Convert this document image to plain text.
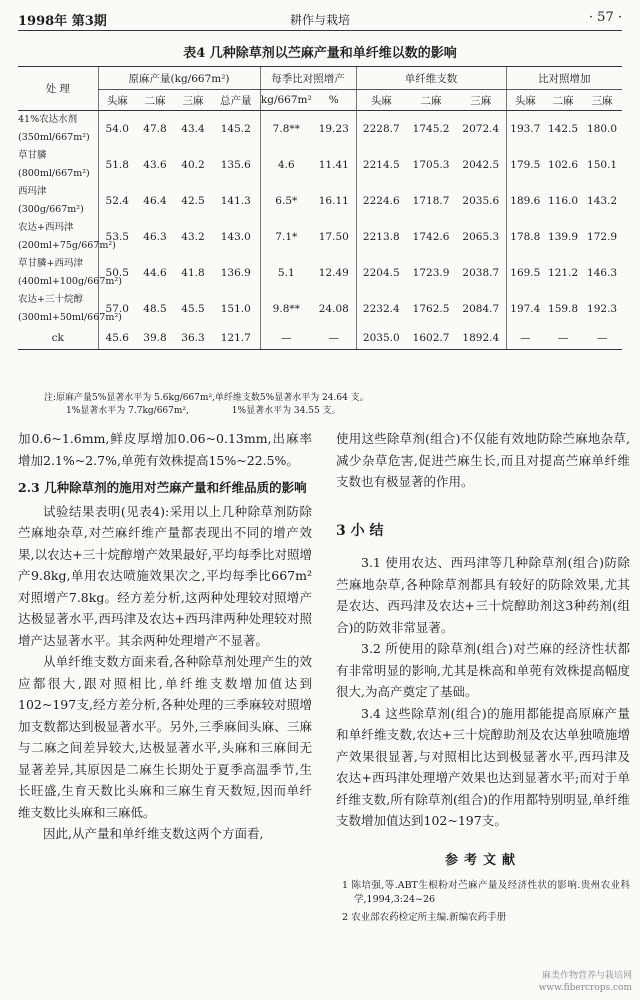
1998年 第3期	耕作与栽培	· 57 ·
表4 几种除草剂以苎麻产量和单纤维以数的影响
处 理	原麻产量(kg/667m²)				每季比对照增产		单纤维支数			比对照增加		
	头麻	二麻	三麻	总产量	kg/667m²	%	头麻	二麻	三麻	头麻	二麻	三麻
41%农达水剂	54.0	47.8	43.4	145.2	7.8**	19.23	2228.7	1745.2	2072.4	193.7	142.5	180.0
(350ml/667m²)												
草甘膦	51.8	43.6	40.2	135.6	4.6	11.41	2214.5	1705.3	2042.5	179.5	102.6	150.1
(800ml/667m²)												
西玛津	52.4	46.4	42.5	141.3	6.5*	16.11	2224.6	1718.7	2035.6	189.6	116.0	143.2
(300g/667m²)												
农达+西玛津	53.5	46.3	43.2	143.0	7.1*	17.50	2213.8	1742.6	2065.3	178.8	139.9	172.9
(200ml+75g/667m²)												
草甘膦+西玛津	50.5	44.6	41.8	136.9	5.1	12.49	2204.5	1723.9	2038.7	169.5	121.2	146.3
(400ml+100g/667m²)												
农达+三十烷醇	57.0	48.5	45.5	151.0	9.8**	24.08	2232.4	1762.5	2084.7	197.4	159.8	192.3
(300ml+50ml/667m²)												
ck	45.6	39.8	36.3	121.7	—	—	2035.0	1602.7	1892.4	—	—	—
注:原麻产量5%显著水平为 5.6kg/667m²,单纤维支数5%显著水平为 24.64 支。
1%显著水平为 7.7kg/667m²,               1%显著水平为 34.55 支。

加0.6~1.6mm,鲜皮厚增加0.06~0.13mm,出麻率增加2.1%~2.7%,单蔸有效株提高15%~22.5%。

2.3 几种除草剂的施用对苎麻产量和纤维品质的影响

试验结果表明(见表4):采用以上几种除草剂防除苎麻地杂草,对苎麻纤维产量都表现出不同的增产效果,以农达+三十烷醇增产效果最好,平均每季比对照增产9.8kg,单用农达喷施效果次之,平均每季比667m²对照增产7.8kg。经方差分析,这两种处理较对照增产达极显著水平,西玛津及农达+西玛津两种处理较对照增产达显著水平。其余两种处理增产不显著。

从单纤维支数方面来看,各种除草剂处理产生的效应都很大,跟对照相比,单纤维支数增加值达到102~197支,经方差分析,各种处理的三季麻较对照增加支数都达到极显著水平。另外,三季麻间头麻、三麻与二麻之间差异较大,达极显著水平,头麻和三麻间无显著差异,其原因是二麻生长期处于夏季高温季节,生长旺盛,生育天数比头麻和三麻生育天数短,因而单纤维支数比头麻和三麻低。

因此,从产量和单纤维支数这两个方面看,

使用这些除草剂(组合)不仅能有效地防除苎麻地杂草,减少杂草危害,促进苎麻生长,而且对提高苎麻单纤维支数也有极显著的作用。

3 小 结

3.1 使用农达、西玛津等几种除草剂(组合)防除苎麻地杂草,各种除草剂都具有较好的防除效果,尤其是农达、西玛津及农达+三十烷醇助剂这3种药剂(组合)的防效非常显著。

3.2 所使用的除草剂(组合)对苎麻的经济性状都有非常明显的影响,尤其是株高和单蔸有效株提高幅度很大,为高产奠定了基础。

3.4 这些除草剂(组合)的施用都能提高原麻产量和单纤维支数,农达+三十烷醇助剂及农达单独喷施增产效果很显著,与对照相比达到极显著水平,西玛津及农达+西玛津处理增产效果也达到显著水平;而对于单纤维支数,所有除草剂(组合)的作用都特别明显,单纤维支数增加值达到102~197支。

参考文献

1 陈培强,等.ABT生根粉对苎麻产量及经济性状的影响.贵州农业科学,1994,3:24~26

2 农业部农药检定所主编.新编农药手册

麻类作物营养与栽培网
www.fibercrops.com
